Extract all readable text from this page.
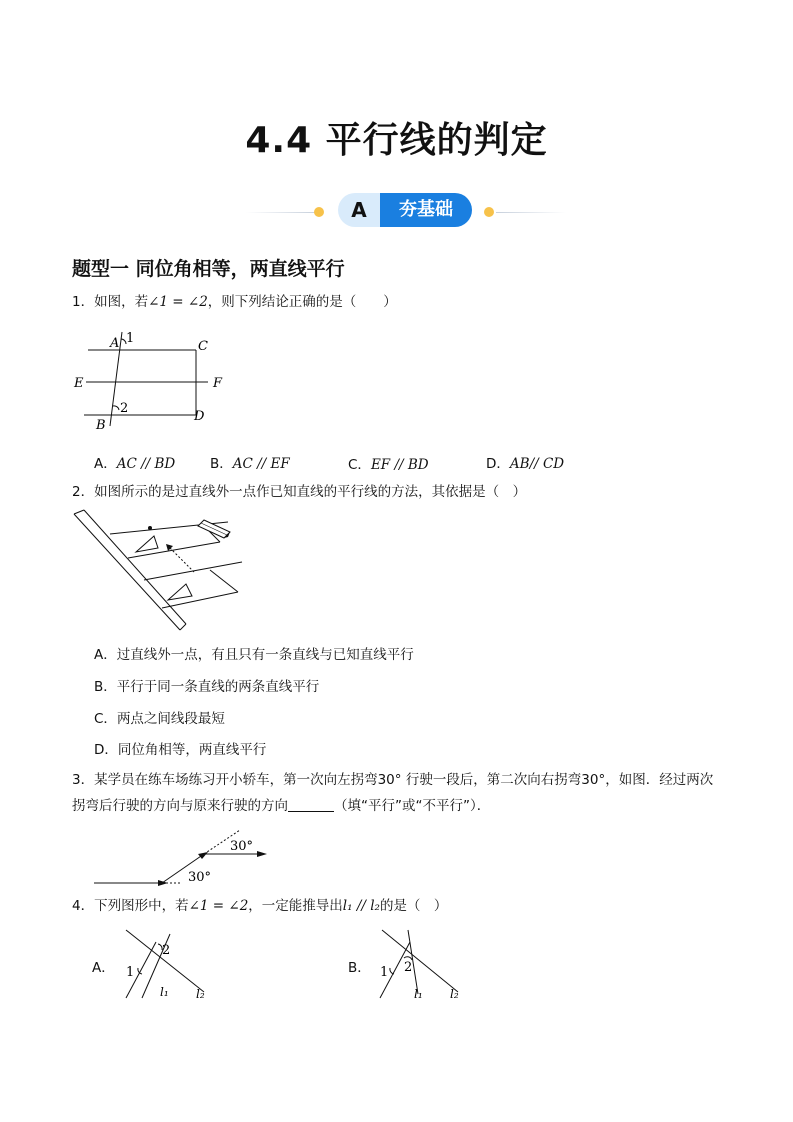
4.4 平行线的判定
A	夯基础
题型一 同位角相等，两直线平行
1．如图，若∠1 = ∠2，则下列结论正确的是（　　）
A 1
C
E	F
2
D
B
A．AC // BD	B．AC // EF	C．EF // BD	D．AB// CD
2．如图所示的是过直线外一点作已知直线的平行线的方法，其依据是（　）
A．过直线外一点，有且只有一条直线与已知直线平行
B．平行于同一条直线的两条直线平行
C．两点之间线段最短
D．同位角相等，两直线平行
3．某学员在练车场练习开小轿车，第一次向左拐弯30° 行驶一段后，第二次向右拐弯30°，如图．经过两次
拐弯后行驶的方向与原来行驶的方向	（填“平行”或“不平行”）．
30°
30°
4．下列图形中，若∠1 = ∠2，一定能推导出l₁ // l₂的是（　）
A．
2
1
l₁ l₂
B．	2
1
l₁ l₂
